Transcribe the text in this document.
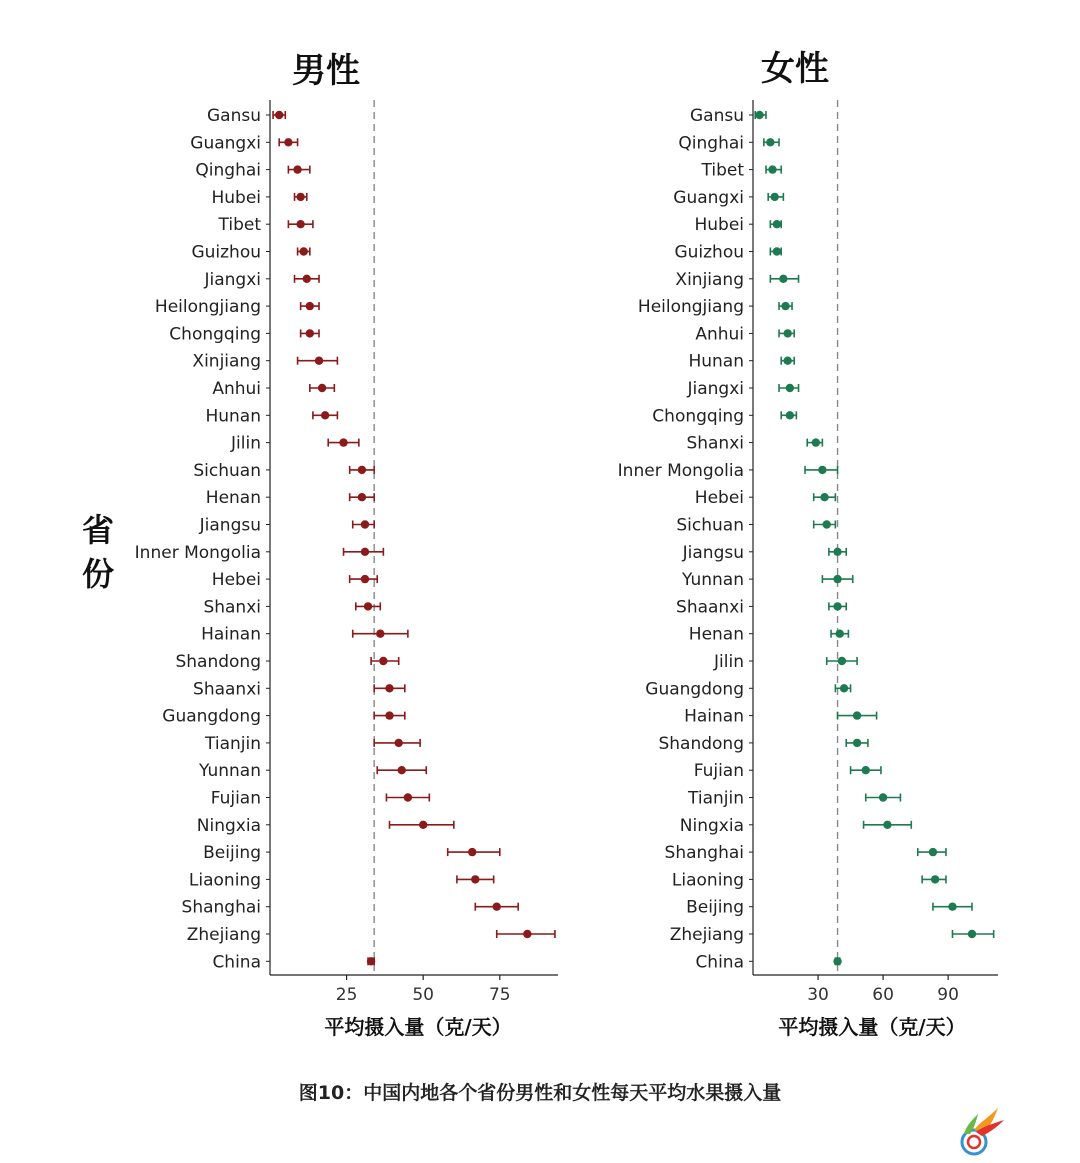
男性	女性
25	50	75
Gansu
Guangxi
Qinghai
Hubei
Tibet
Guizhou
Jiangxi
Heilongjiang
Chongqing
Xinjiang
Anhui
Hunan
Jilin
Sichuan
Henan
Jiangsu
Inner Mongolia
Hebei
Shanxi
Hainan
Shandong
Shaanxi
Guangdong
Tianjin
Yunnan
Fujian
Ningxia
Beijing
Liaoning
Shanghai
Zhejiang
China
30	60	90
Gansu
Qinghai
Tibet
Guangxi
Hubei
Guizhou
Xinjiang
Heilongjiang
Anhui
Hunan
Jiangxi
Chongqing
Shanxi
Inner Mongolia
Hebei
Sichuan
Jiangsu
Yunnan
Shaanxi
Henan
Jilin
Guangdong
Hainan
Shandong
Fujian
Tianjin
Ningxia
Shanghai
Liaoning
Beijing
Zhejiang
China
平均摄入量（克/天）	平均摄入量（克/天）
省份
图10：中国内地各个省份男性和女性每天平均水果摄入量
